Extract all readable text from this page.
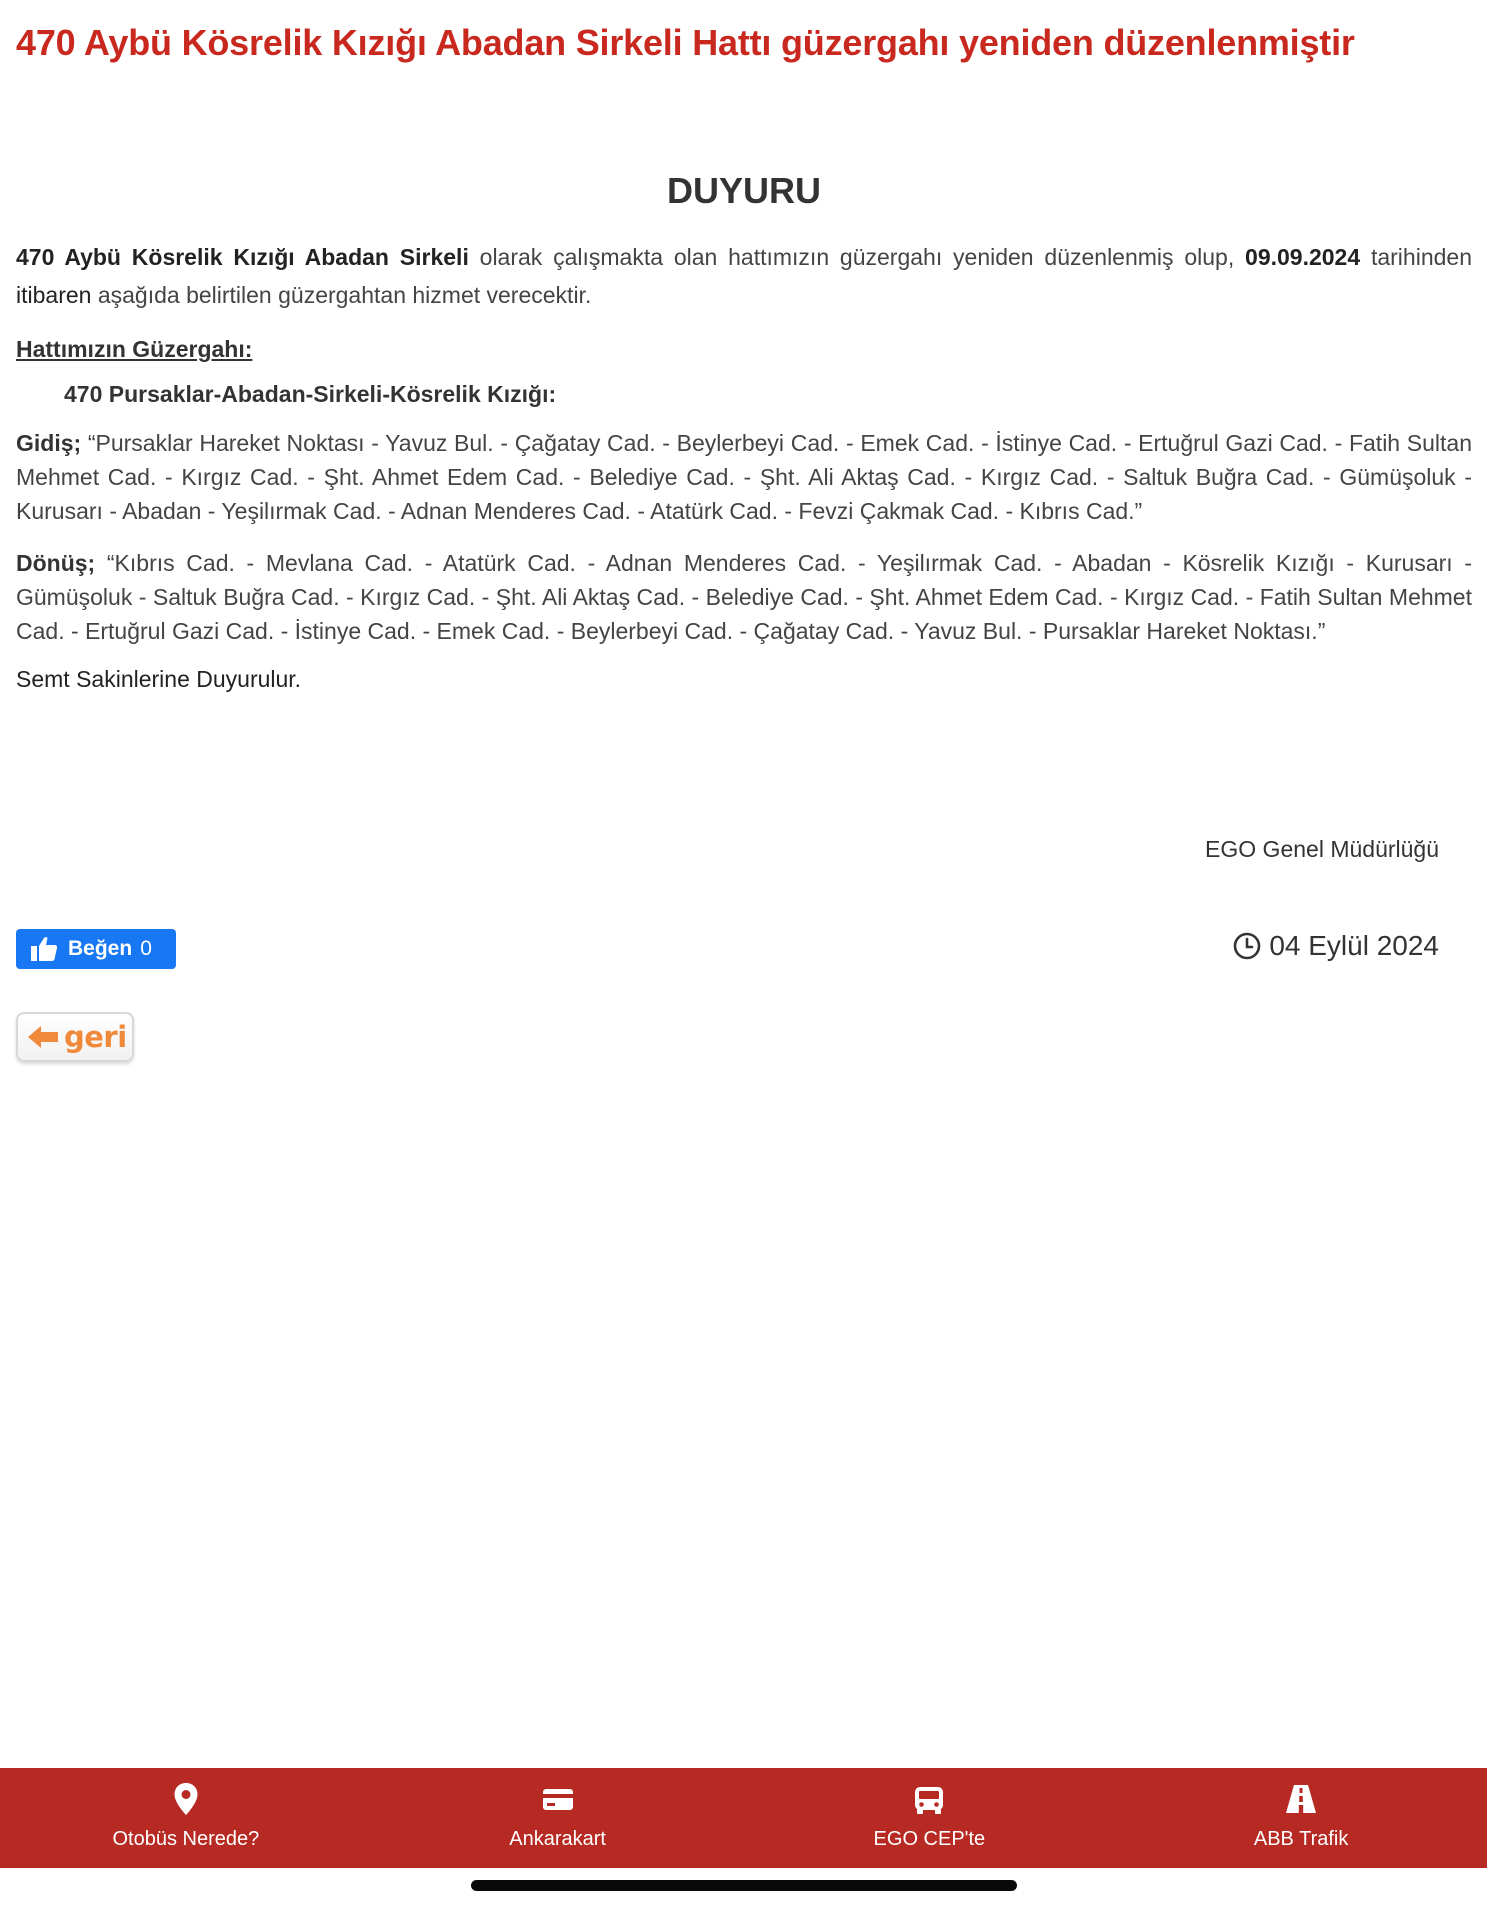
470 Aybü Kösrelik Kızığı Abadan Sirkeli Hattı güzergahı yeniden düzenlenmiştir
DUYURU

470 Aybü Kösrelik Kızığı Abadan Sirkeli olarak çalışmakta olan hattımızın güzergahı yeniden düzenlenmiş olup, 09.09.2024 tarihinden itibaren aşağıda belirtilen güzergahtan hizmet verecektir.

Hattımızın Güzergahı:

470 Pursaklar-Abadan-Sirkeli-Kösrelik Kızığı:

Gidiş; “Pursaklar Hareket Noktası - Yavuz Bul. - Çağatay Cad. - Beylerbeyi Cad. - Emek Cad. - İstinye Cad. - Ertuğrul Gazi Cad. - Fatih Sultan Mehmet Cad. - Kırgız Cad. - Şht. Ahmet Edem Cad. - Belediye Cad. - Şht. Ali Aktaş Cad. - Kırgız Cad. - Saltuk Buğra Cad. - Gümüşoluk - Kurusarı - Abadan - Yeşilırmak Cad. - Adnan Menderes Cad. - Atatürk Cad. - Fevzi Çakmak Cad. - Kıbrıs Cad.”

Dönüş; “Kıbrıs Cad. - Mevlana Cad. - Atatürk Cad. - Adnan Menderes Cad. - Yeşilırmak Cad. - Abadan - Kösrelik Kızığı - Kurusarı - Gümüşoluk - Saltuk Buğra Cad. - Kırgız Cad. - Şht. Ali Aktaş Cad. - Belediye Cad. - Şht. Ahmet Edem Cad. - Kırgız Cad. - Fatih Sultan Mehmet Cad. - Ertuğrul Gazi Cad. - İstinye Cad. - Emek Cad. - Beylerbeyi Cad. - Çağatay Cad. - Yavuz Bul. - Pursaklar Hareket Noktası.”

Semt Sakinlerine Duyurulur.

EGO Genel Müdürlüğü
Beğen 0	04 Eylül 2024
geri
Otobüs Nerede?	Ankarakart	EGO CEP'te	ABB Trafik
